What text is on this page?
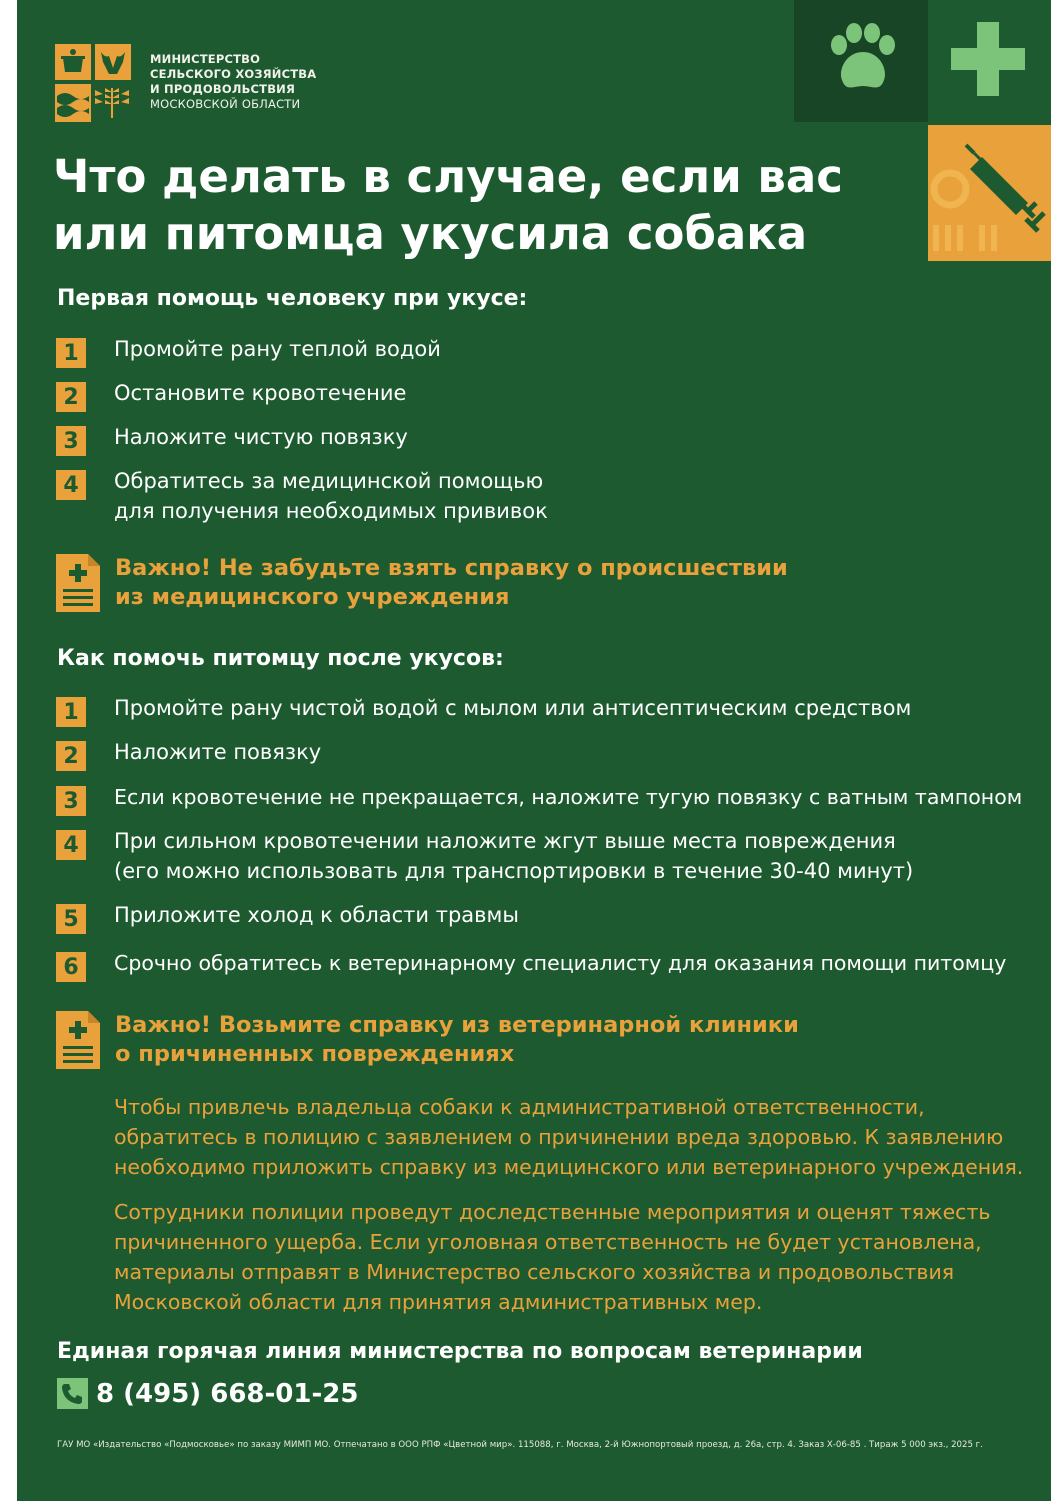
МИНИСТЕРСТВО
СЕЛЬСКОГО ХОЗЯЙСТВА
И ПРОДОВОЛЬСТВИЯ
МОСКОВСКОЙ ОБЛАСТИ
Что делать в случае, если вас
или питомца укусила собака
Первая помощь человеку при укусе:
1	Промойте рану теплой водой
2	Остановите кровотечение
3	Наложите чистую повязку
4	Обратитесь за медицинской помощью
для получения необходимых прививок
Важно! Не забудьте взять справку о происшествии
из медицинского учреждения
Как помочь питомцу после укусов:
1	Промойте рану чистой водой с мылом или антисептическим средством
2	Наложите повязку
3	Если кровотечение не прекращается, наложите тугую повязку с ватным тампоном
4	При сильном кровотечении наложите жгут выше места повреждения
(его можно использовать для транспортировки в течение 30-40 минут)
5	Приложите холод к области травмы
6	Срочно обратитесь к ветеринарному специалисту для оказания помощи питомцу
Важно! Возьмите справку из ветеринарной клиники
о причиненных повреждениях

Чтобы привлечь владельца собаки к административной ответственности,
обратитесь в полицию с заявлением о причинении вреда здоровью. К заявлению
необходимо приложить справку из медицинского или ветеринарного учреждения.

Сотрудники полиции проведут доследственные мероприятия и оценят тяжесть
причиненного ущерба. Если уголовная ответственность не будет установлена,
материалы отправят в Министерство сельского хозяйства и продовольствия
Московской области для принятия административных мер.

Единая горячая линия министерства по вопросам ветеринарии
8 (495) 668-01-25
ГАУ МО «Издательство «Подмосковье» по заказу МИМП МО. Отпечатано в ООО РПФ «Цветной мир». 115088, г. Москва, 2-й Южнопортовый проезд, д. 26а, стр. 4. Заказ Х-06-85 . Тираж 5 000 экз., 2025 г.
